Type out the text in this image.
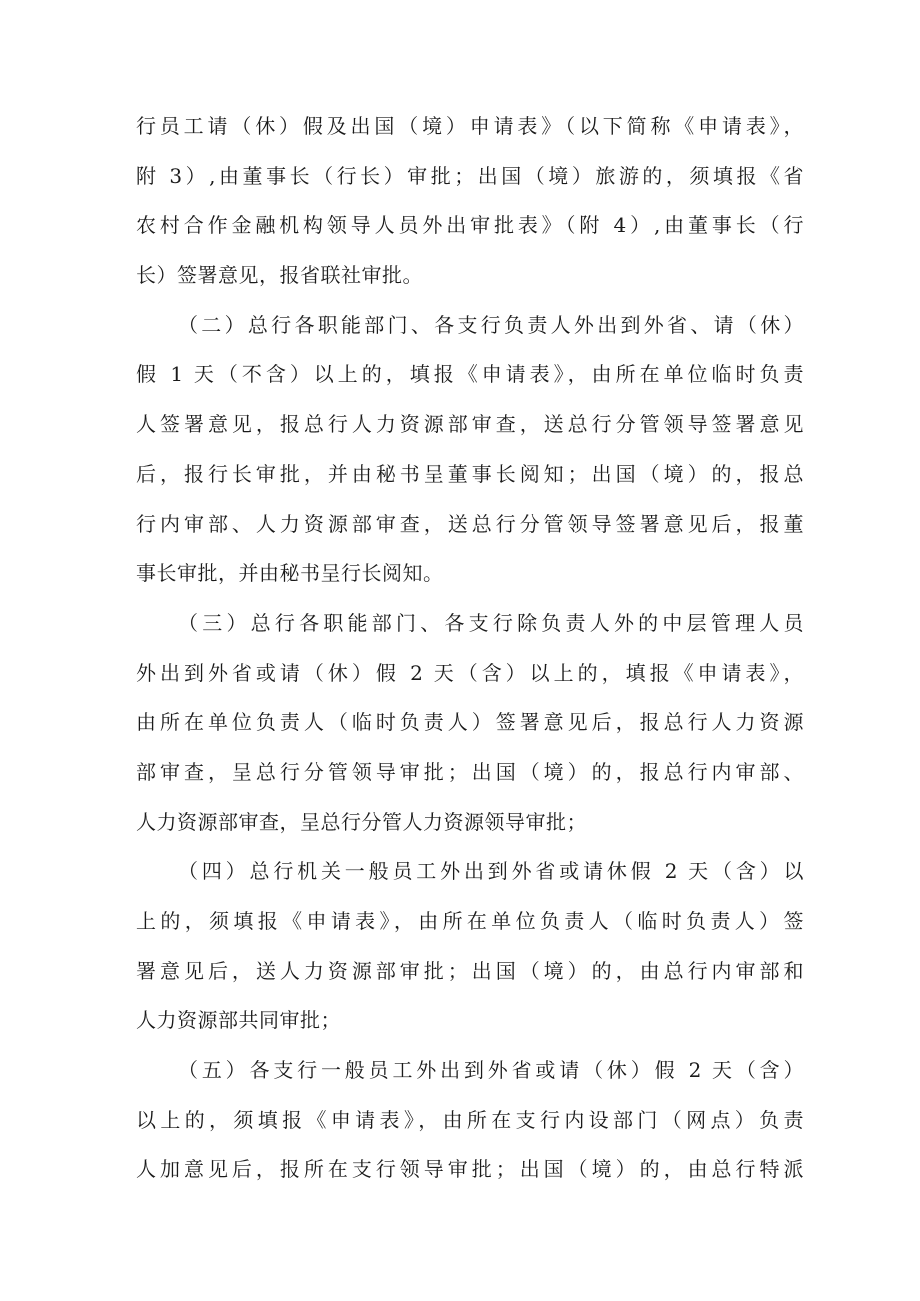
行员工请（休）假及出国（境）申请表》（以下简称《申请表》，
附 3）,由董事长（行长）审批；出国（境）旅游的，须填报《省
农村合作金融机构领导人员外出审批表》（附 4）,由董事长（行
长）签署意见，报省联社审批。
（二）总行各职能部门、各支行负责人外出到外省、请（休）
假 1 天（不含）以上的，填报《申请表》，由所在单位临时负责
人签署意见，报总行人力资源部审查，送总行分管领导签署意见
后，报行长审批，并由秘书呈董事长阅知；出国（境）的，报总
行内审部、人力资源部审查，送总行分管领导签署意见后，报董
事长审批，并由秘书呈行长阅知。
（三）总行各职能部门、各支行除负责人外的中层管理人员
外出到外省或请（休）假 2 天（含）以上的，填报《申请表》，
由所在单位负责人（临时负责人）签署意见后，报总行人力资源
部审查，呈总行分管领导审批；出国（境）的，报总行内审部、
人力资源部审查，呈总行分管人力资源领导审批；
（四）总行机关一般员工外出到外省或请休假 2 天（含）以
上的，须填报《申请表》，由所在单位负责人（临时负责人）签
署意见后，送人力资源部审批；出国（境）的，由总行内审部和
人力资源部共同审批；
（五）各支行一般员工外出到外省或请（休）假 2 天（含）
以上的，须填报《申请表》，由所在支行内设部门（网点）负责
人加意见后，报所在支行领导审批；出国（境）的，由总行特派
